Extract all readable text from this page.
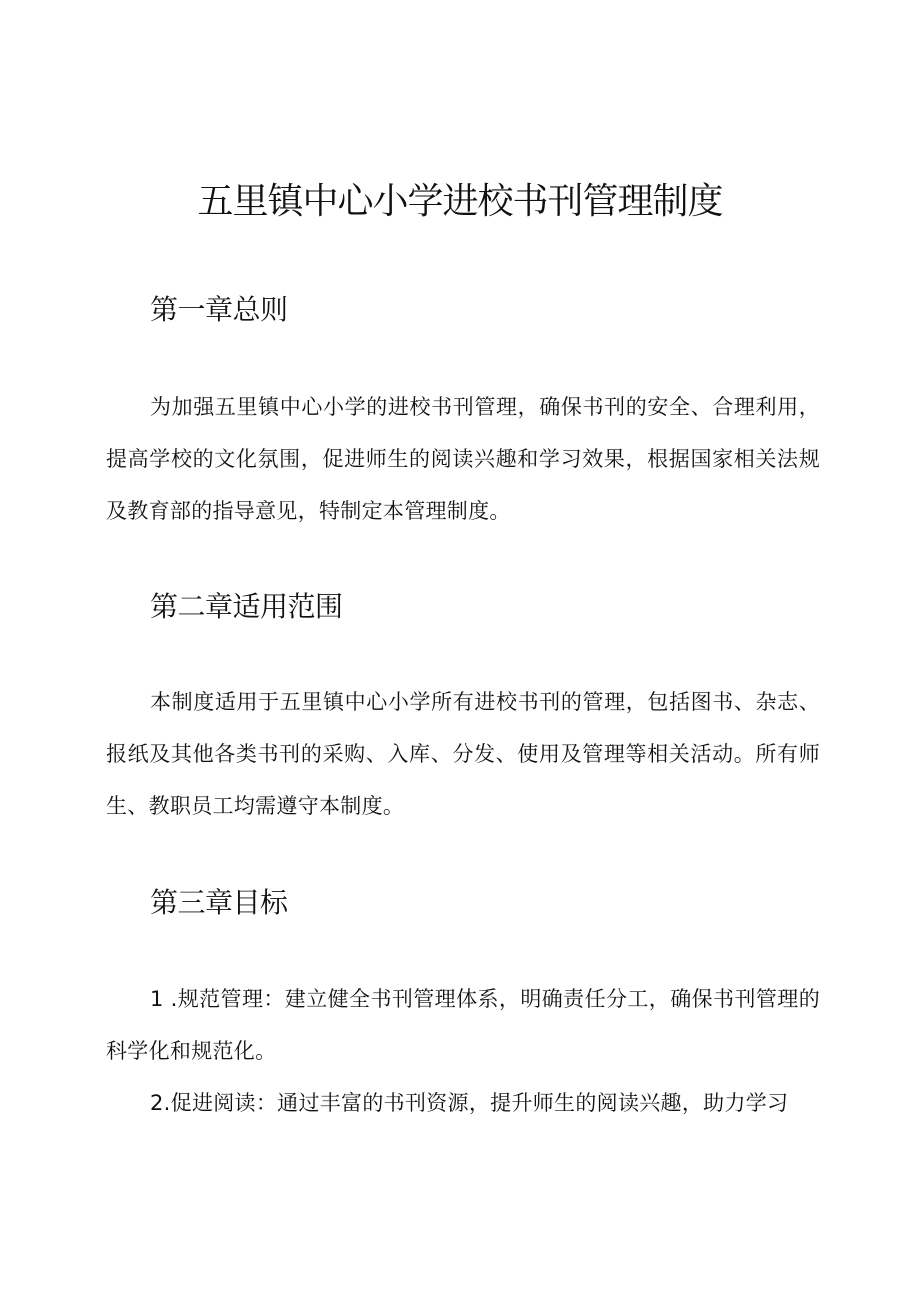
五里镇中心小学进校书刊管理制度
第一章总则

为加强五里镇中心小学的进校书刊管理，确保书刊的安全、合理利用，提高学校的文化氛围，促进师生的阅读兴趣和学习效果，根据国家相关法规及教育部的指导意见，特制定本管理制度。

第二章适用范围

本制度适用于五里镇中心小学所有进校书刊的管理，包括图书、杂志、报纸及其他各类书刊的采购、入库、分发、使用及管理等相关活动。所有师生、教职员工均需遵守本制度。

第三章目标

1 .规范管理：建立健全书刊管理体系，明确责任分工，确保书刊管理的科学化和规范化。

2.促进阅读：通过丰富的书刊资源，提升师生的阅读兴趣，助力学习
